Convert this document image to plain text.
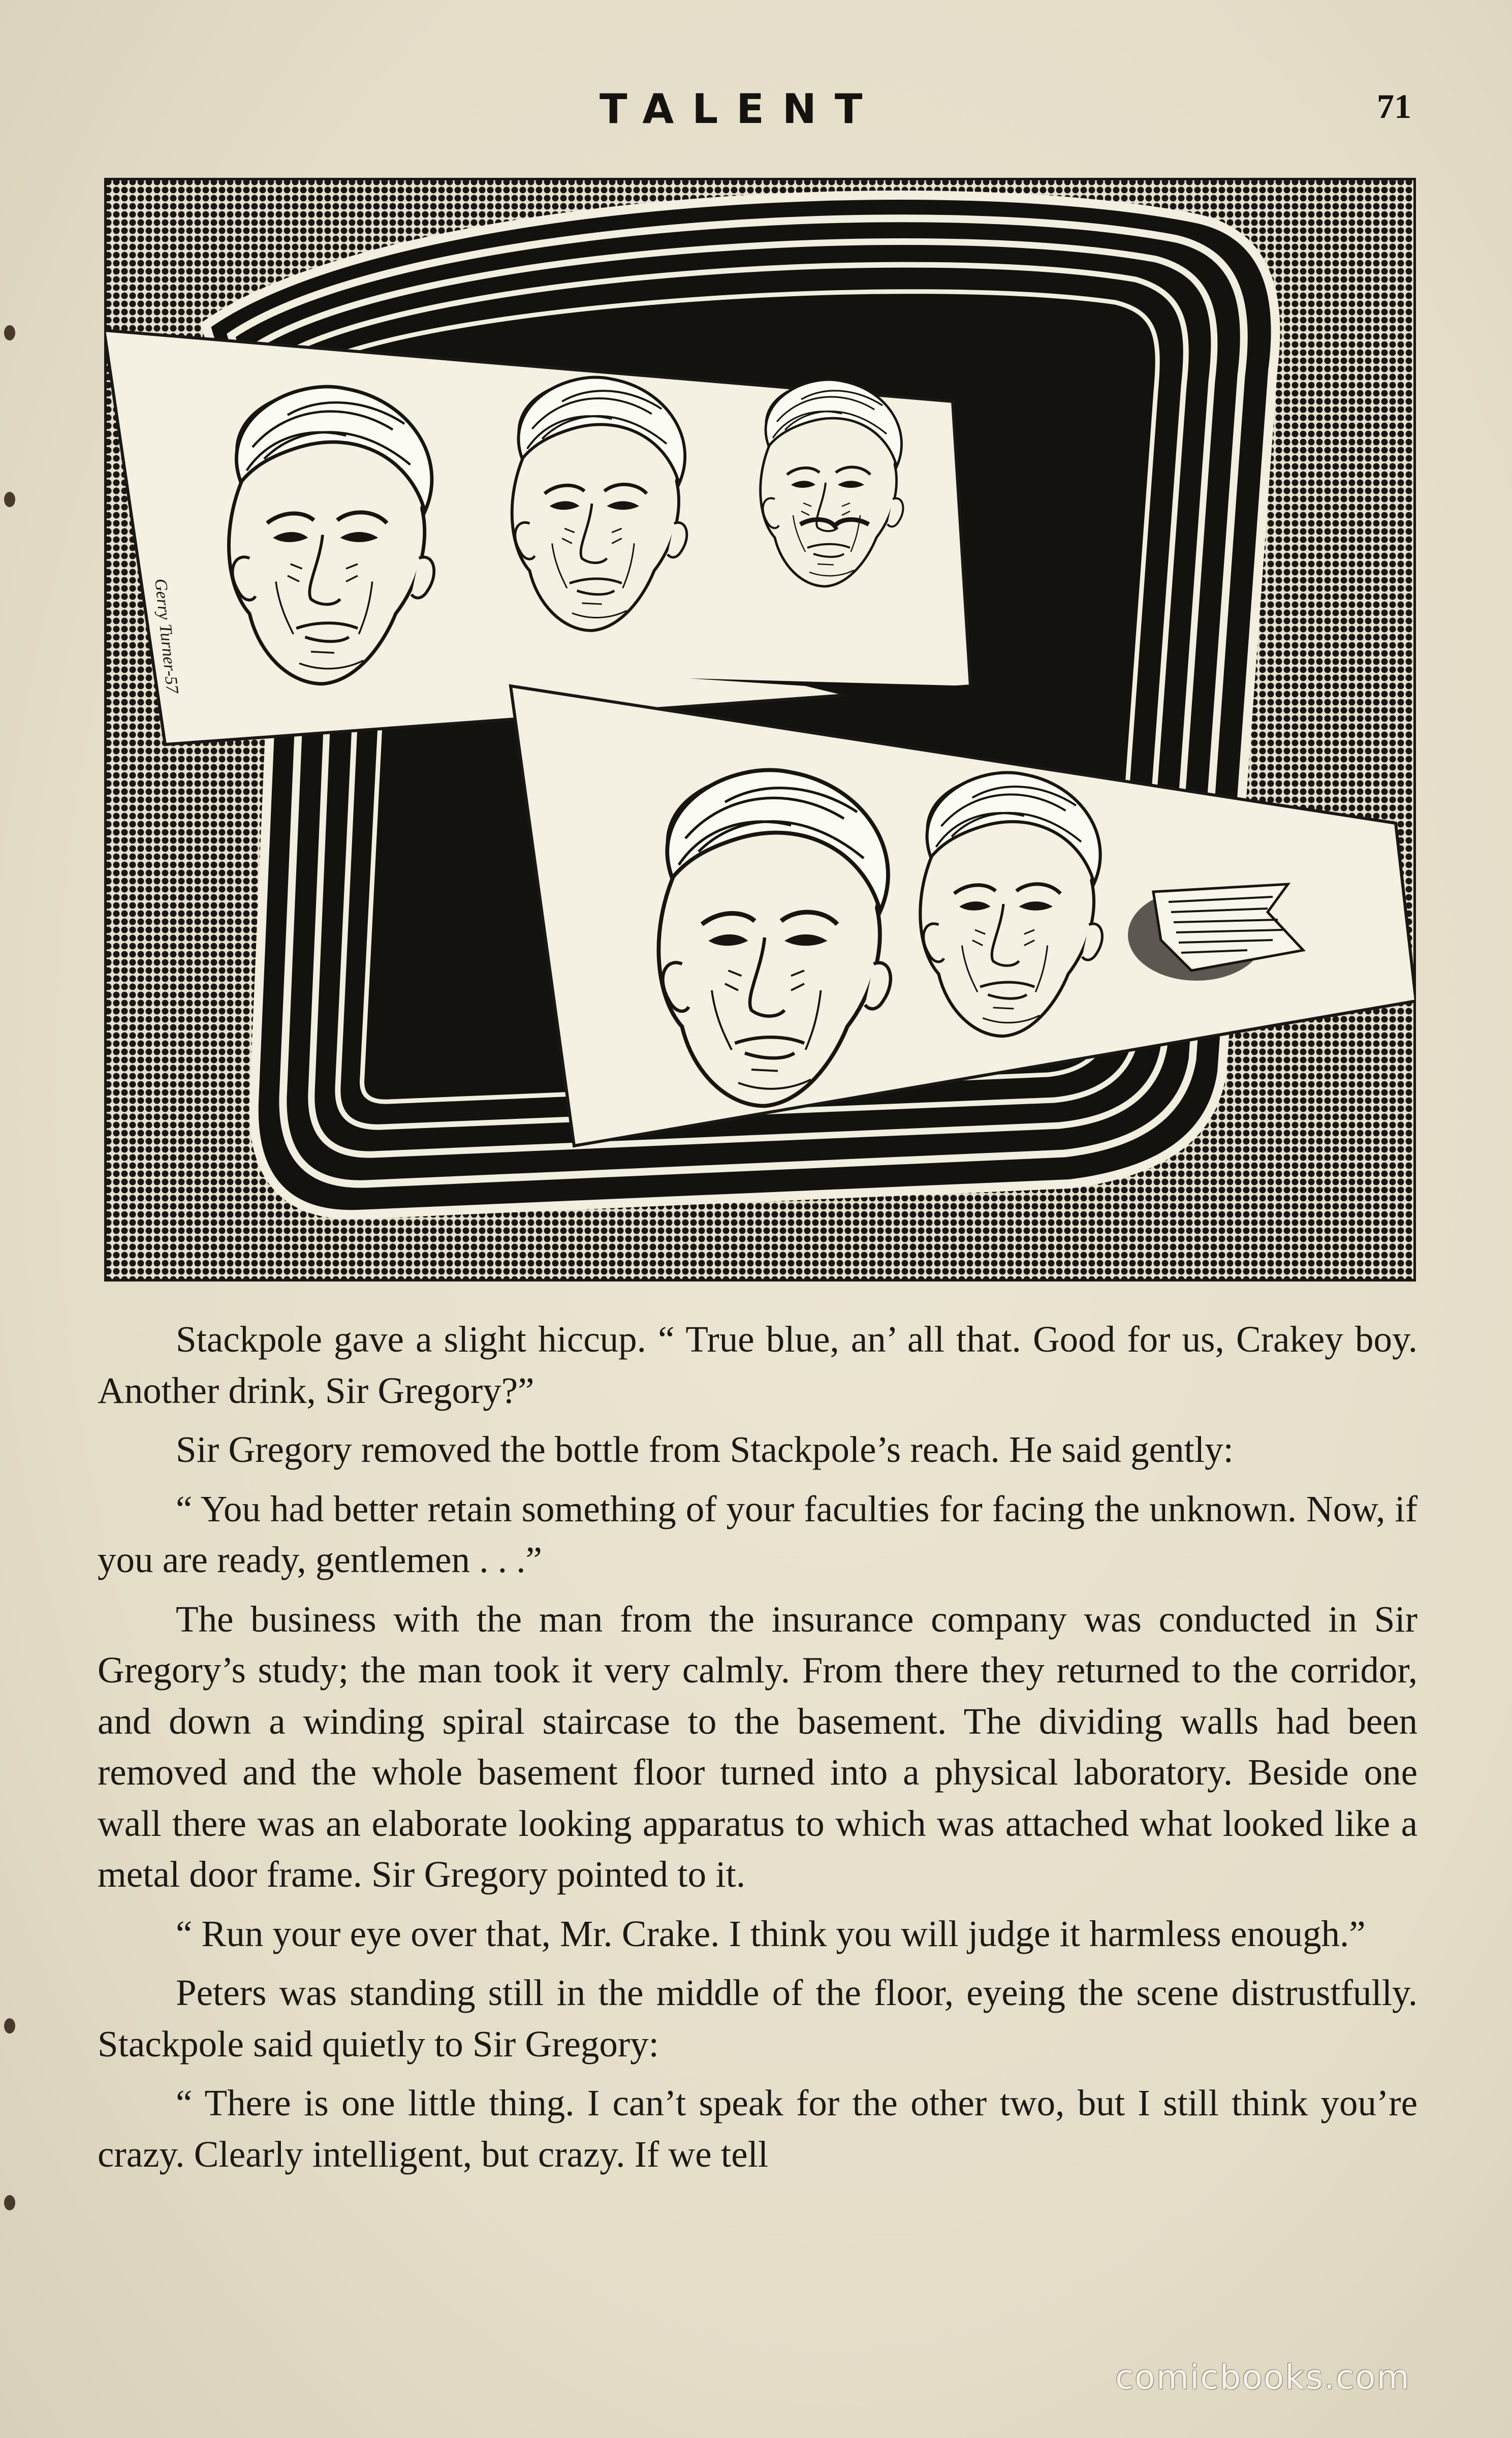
TALENT	71
Gerry Turner-57

Stackpole gave a slight hiccup. “ True blue, an’ all that. Good for us, Crakey boy. Another drink, Sir Gregory?”

Sir Gregory removed the bottle from Stackpole’s reach. He said gently:

“ You had better retain something of your faculties for facing the unknown. Now, if you are ready, gentlemen . . .”

The business with the man from the insurance company was conducted in Sir Gregory’s study; the man took it very calmly. From there they returned to the corridor, and down a winding spiral staircase to the basement. The dividing walls had been removed and the whole basement floor turned into a physical laboratory. Beside one wall there was an elaborate looking apparatus to which was attached what looked like a metal door frame. Sir Gregory pointed to it.

“ Run your eye over that, Mr. Crake. I think you will judge it harmless enough.”

Peters was standing still in the middle of the floor, eyeing the scene distrustfully. Stackpole said quietly to Sir Gregory:

“ There is one little thing. I can’t speak for the other two, but I still think you’re crazy. Clearly intelligent, but crazy. If we tell

comicbooks.com
